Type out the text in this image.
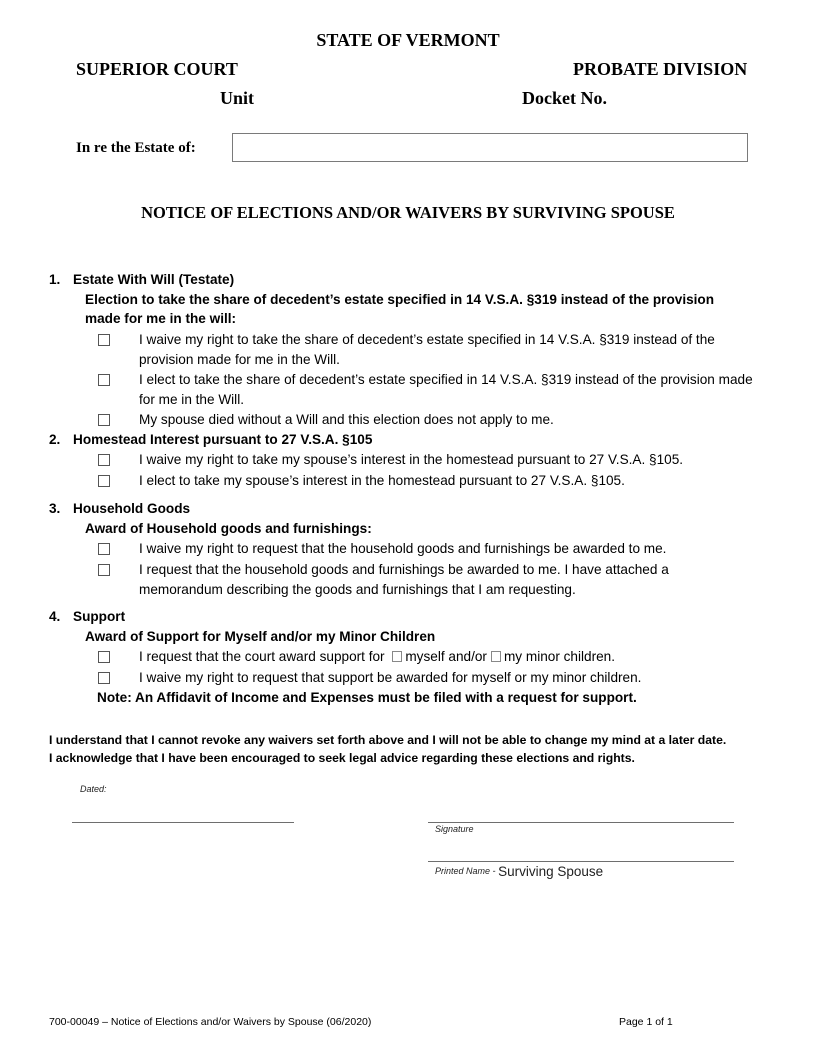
STATE OF VERMONT
SUPERIOR COURT	PROBATE DIVISION
Unit	Docket No.
In re the Estate of:
NOTICE OF ELECTIONS AND/OR WAIVERS BY SURVIVING SPOUSE
1. Estate With Will (Testate)
Election to take the share of decedent’s estate specified in 14 V.S.A. §319 instead of the provision
made for me in the will:
I waive my right to take the share of decedent’s estate specified in 14 V.S.A. §319 instead of the provision made for me in the Will.
I elect to take the share of decedent’s estate specified in 14 V.S.A. §319 instead of the provision made for me in the Will.
My spouse died without a Will and this election does not apply to me.
2. Homestead Interest pursuant to 27 V.S.A. §105
I waive my right to take my spouse’s interest in the homestead pursuant to 27 V.S.A. §105.
I elect to take my spouse’s interest in the homestead pursuant to 27 V.S.A. §105.
3. Household Goods
Award of Household goods and furnishings:
I waive my right to request that the household goods and furnishings be awarded to me.
I request that the household goods and furnishings be awarded to me. I have attached a memorandum describing the goods and furnishings that I am requesting.
4. Support
Award of Support for Myself and/or my Minor Children
I request that the court award support for myself and/or my minor children.
I waive my right to request that support be awarded for myself or my minor children.
Note: An Affidavit of Income and Expenses must be filed with a request for support.
I understand that I cannot revoke any waivers set forth above and I will not be able to change my mind at a later date.
I acknowledge that I have been encouraged to seek legal advice regarding these elections and rights.
Dated:
Signature
Printed Name - Surviving Spouse
700-00049 – Notice of Elections and/or Waivers by Spouse (06/2020)	Page 1 of 1
